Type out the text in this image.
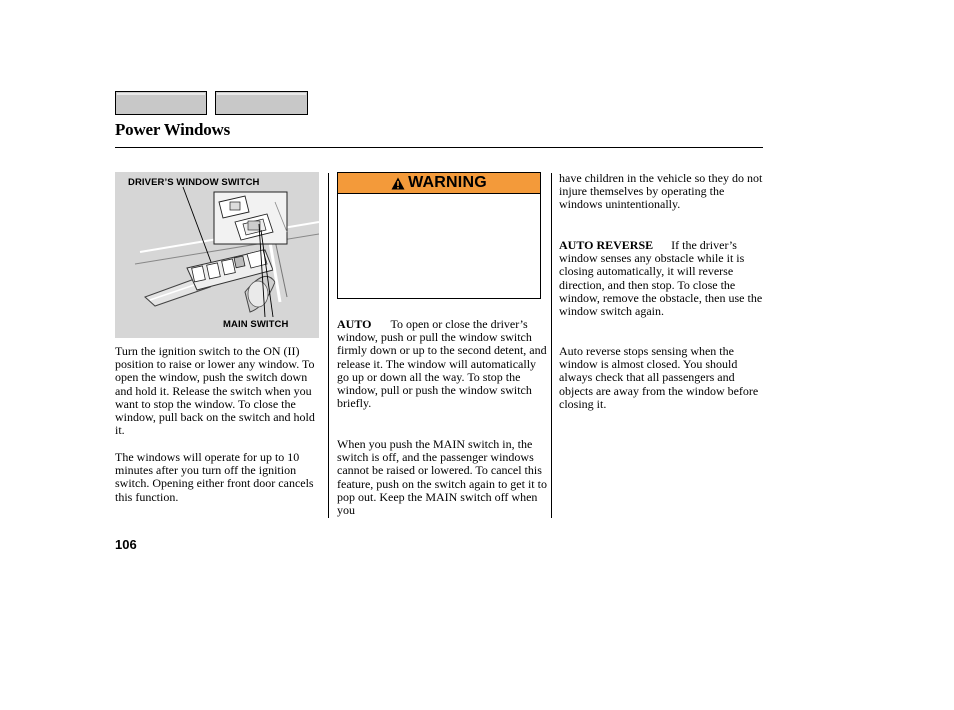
Power Windows
DRIVER’S WINDOW SWITCH
MAIN SWITCH

Turn the ignition switch to the ON (II) position to raise or lower any window. To open the window, push the switch down and hold it. Release the switch when you want to stop the window. To close the window, pull back on the switch and hold it.

The windows will operate for up to 10 minutes after you turn off the ignition switch. Opening either front door cancels this function.

WARNING

AUTO To open or close the driver’s window, push or pull the window switch firmly down or up to the second detent, and release it. The window will automatically go up or down all the way. To stop the window, pull or push the window switch briefly.

When you push the MAIN switch in, the switch is off, and the passenger windows cannot be raised or lowered. To cancel this feature, push on the switch again to get it to pop out. Keep the MAIN switch off when you

have children in the vehicle so they do not injure themselves by operating the windows unintentionally.

AUTO REVERSE If the driver’s window senses any obstacle while it is closing automatically, it will reverse direction, and then stop. To close the window, remove the obstacle, then use the window switch again.

Auto reverse stops sensing when the window is almost closed. You should always check that all passengers and objects are away from the window before closing it.

106
